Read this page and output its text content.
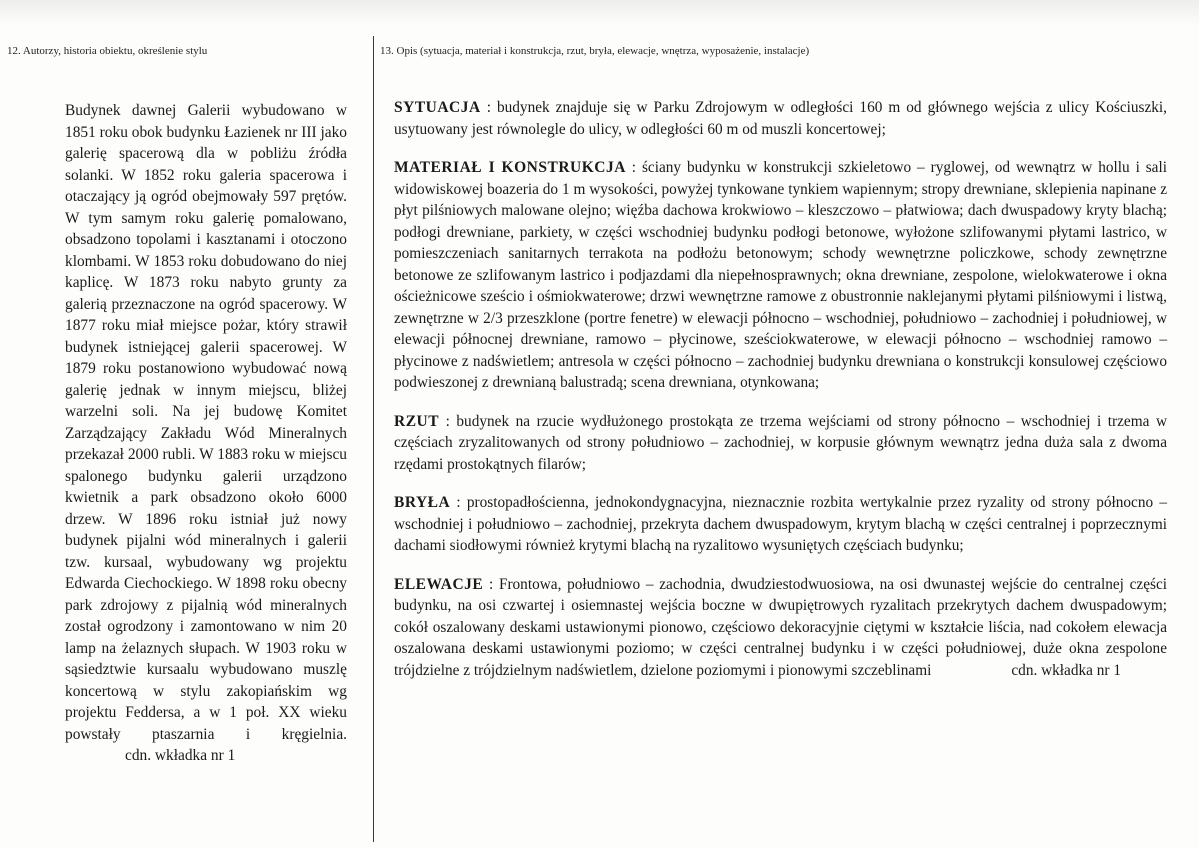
12. Autorzy, historia obiektu, określenie stylu	13. Opis (sytuacja, materiał i konstrukcja, rzut, bryła, elewacje, wnętrza, wyposażenie, instalacje)
Budynek dawnej Galerii wybudowano w 1851 roku obok budynku Łazienek nr III jako galerię spacerową dla w pobliżu źródła solanki. W 1852 roku galeria spacerowa i otaczający ją ogród obejmowały 597 prętów. W tym samym roku galerię pomalowano, obsadzono topolami i kasztanami i otoczono klombami. W 1853 roku dobudowano do niej kaplicę. W 1873 roku nabyto grunty za galerią przeznaczone na ogród spacerowy. W 1877 roku miał miejsce pożar, który strawił budynek istniejącej galerii spacerowej. W 1879 roku postanowiono wybudować nową galerię jednak w innym miejscu, bliżej warzelni soli. Na jej budowę Komitet Zarządzający Zakładu Wód Mineralnych przekazał 2000 rubli. W 1883 roku w miejscu spalonego budynku galerii urządzono kwietnik a park obsadzono około 6000 drzew. W 1896 roku istniał już nowy budynek pijalni wód mineralnych i galerii tzw. kursaal, wybudowany wg projektu Edwarda Ciechockiego. W 1898 roku obecny park zdrojowy z pijalnią wód mineralnych został ogrodzony i zamontowano w nim 20 lamp na żelaznych słupach. W 1903 roku w sąsiedztwie kursaalu wybudowano muszlę koncertową w stylu zakopiańskim wg projektu Feddersa, a w 1 poł. XX wieku powstały ptaszarnia i kręgielnia. cdn. wkładka nr 1

SYTUACJA : budynek znajduje się w Parku Zdrojowym w odległości 160 m od głównego wejścia z ulicy Kościuszki, usytuowany jest równolegle do ulicy, w odległości 60 m od muszli koncertowej;

MATERIAŁ I KONSTRUKCJA : ściany budynku w konstrukcji szkieletowo – ryglowej, od wewnątrz w hollu i sali widowiskowej boazeria do 1 m wysokości, powyżej tynkowane tynkiem wapiennym; stropy drewniane, sklepienia napinane z płyt pilśniowych malowane olejno; więźba dachowa krokwiowo – kleszczowo – płatwiowa; dach dwuspadowy kryty blachą; podłogi drewniane, parkiety, w części wschodniej budynku podłogi betonowe, wyłożone szlifowanymi płytami lastrico, w pomieszczeniach sanitarnych terrakota na podłożu betonowym; schody wewnętrzne policzkowe, schody zewnętrzne betonowe ze szlifowanym lastrico i podjazdami dla niepełnosprawnych; okna drewniane, zespolone, wielokwaterowe i okna ościeżnicowe sześcio i ośmiokwaterowe; drzwi wewnętrzne ramowe z obustronnie naklejanymi płytami pilśniowymi i listwą, zewnętrzne w 2/3 przeszklone (portre fenetre) w elewacji północno – wschodniej, południowo – zachodniej i południowej, w elewacji północnej drewniane, ramowo – płycinowe, sześciokwaterowe, w elewacji północno – wschodniej ramowo – płycinowe z nadświetlem; antresola w części północno – zachodniej budynku drewniana o konstrukcji konsulowej częściowo podwieszonej z drewnianą balustradą; scena drewniana, otynkowana;

RZUT : budynek na rzucie wydłużonego prostokąta ze trzema wejściami od strony północno – wschodniej i trzema w częściach zryzalitowanych od strony południowo – zachodniej, w korpusie głównym wewnątrz jedna duża sala z dwoma rzędami prostokątnych filarów;

BRYŁA : prostopadłościenna, jednokondygnacyjna, nieznacznie rozbita wertykalnie przez ryzality od strony północno – wschodniej i południowo – zachodniej, przekryta dachem dwuspadowym, krytym blachą w części centralnej i poprzecznymi dachami siodłowymi również krytymi blachą na ryzalitowo wysuniętych częściach budynku;

ELEWACJE : Frontowa, południowo – zachodnia, dwudziestodwuosiowa, na osi dwunastej wejście do centralnej części budynku, na osi czwartej i osiemnastej wejścia boczne w dwupiętrowych ryzalitach przekrytych dachem dwuspadowym; cokół oszalowany deskami ustawionymi pionowo, częściowo dekoracyjnie ciętymi w kształcie liścia, nad cokołem elewacja oszalowana deskami ustawionymi poziomo; w części centralnej budynku i w części południowej, duże okna zespolone trójdzielne z trójdzielnym nadświetlem, dzielone poziomymi i pionowymi szczeblinami	cdn. wkładka nr 1
